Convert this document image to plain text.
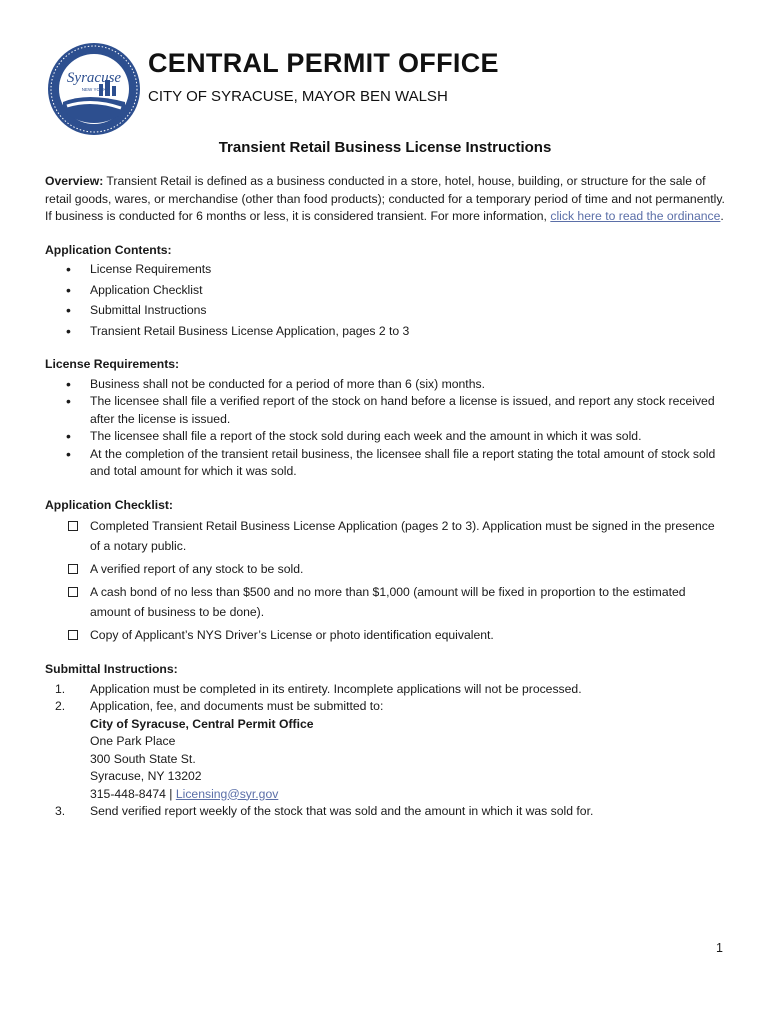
Syracuse
NEW YORK
CENTRAL PERMIT OFFICE

CITY OF SYRACUSE, MAYOR BEN WALSH

Transient Retail Business License Instructions

Overview: Transient Retail is defined as a business conducted in a store, hotel, house, building, or structure for the sale of retail goods, wares, or merchandise (other than food products); conducted for a temporary period of time and not permanently. If business is conducted for 6 months or less, it is considered transient. For more information, click here to read the ordinance.

Application Contents:

• License Requirements
• Application Checklist
• Submittal Instructions
• Transient Retail Business License Application, pages 2 to 3

License Requirements:

• Business shall not be conducted for a period of more than 6 (six) months.
• The licensee shall file a verified report of the stock on hand before a license is issued, and report any stock received after the license is issued.
• The licensee shall file a report of the stock sold during each week and the amount in which it was sold.
• At the completion of the transient retail business, the licensee shall file a report stating the total amount of stock sold and total amount for which it was sold.

Application Checklist:

Completed Transient Retail Business License Application (pages 2 to 3). Application must be signed in the presence of a notary public.
A verified report of any stock to be sold.
A cash bond of no less than $500 and no more than $1,000 (amount will be fixed in proportion to the estimated amount of business to be done).
Copy of Applicant’s NYS Driver’s License or photo identification equivalent.

Submittal Instructions:

1. Application must be completed in its entirety. Incomplete applications will not be processed.
2. Application, fee, and documents must be submitted to:
City of Syracuse, Central Permit Office
One Park Place
300 South State St.
Syracuse, NY 13202
315-448-8474 | Licensing@syr.gov
3. Send verified report weekly of the stock that was sold and the amount in which it was sold for.
1
